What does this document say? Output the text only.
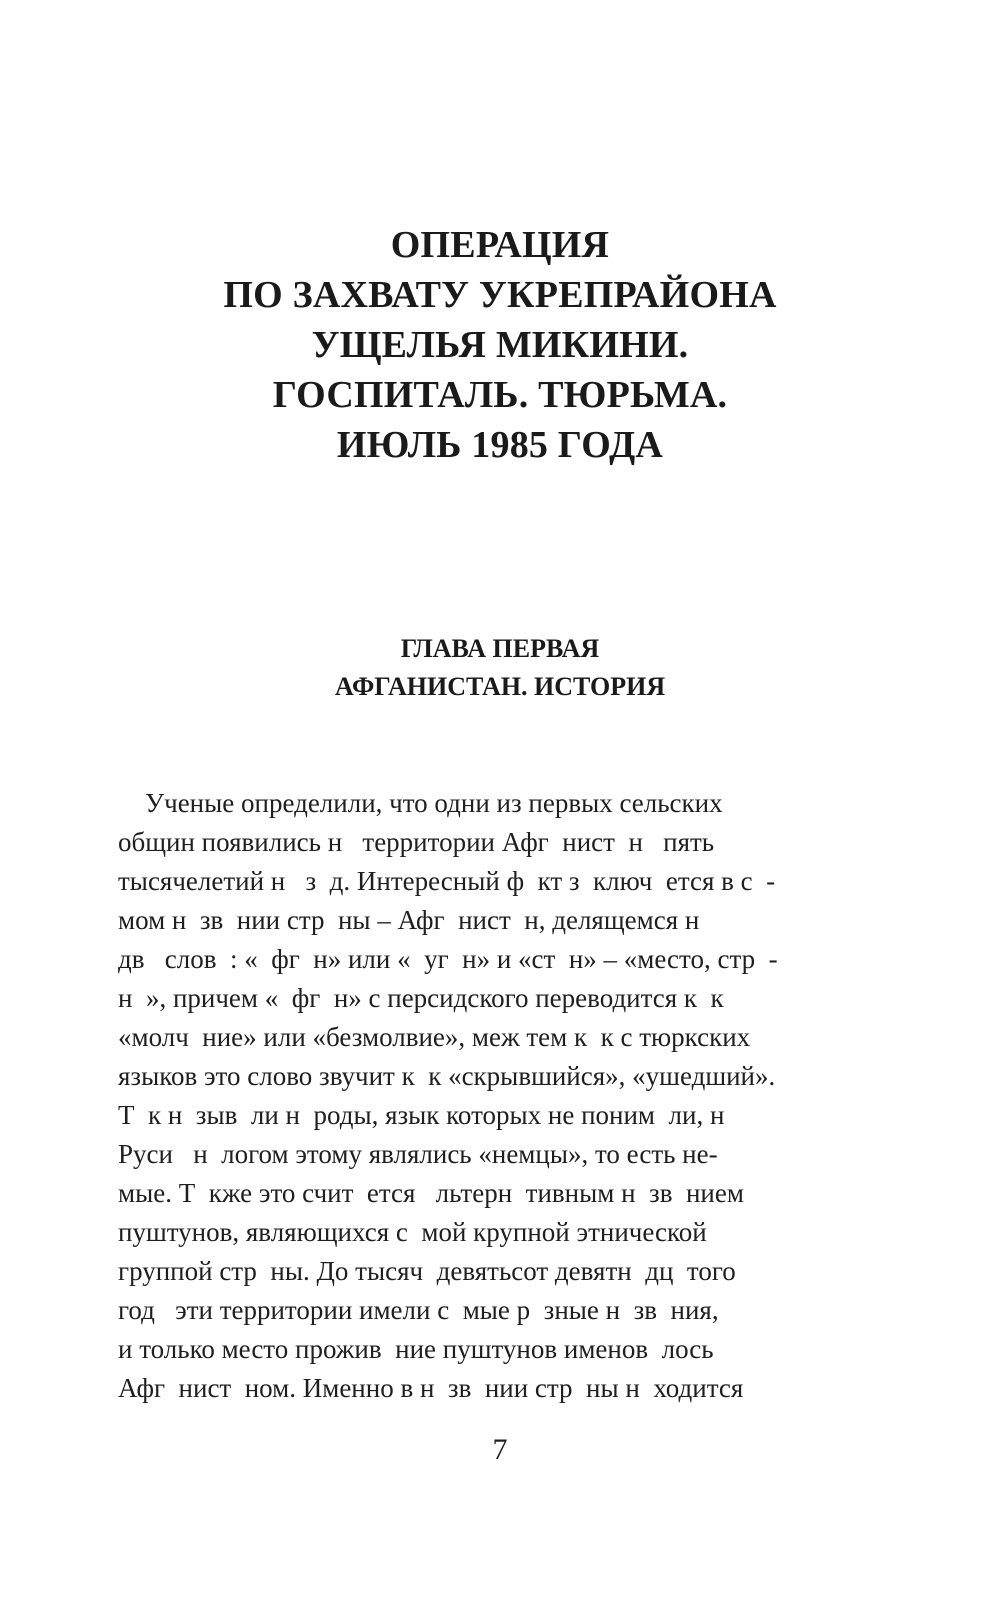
ОПЕРАЦИЯ
ПО ЗАХВАТУ УКРЕПРАЙОНА
УЩЕЛЬЯ МИКИНИ.
ГОСПИТАЛЬ. ТЮРЬМА.
ИЮЛЬ 1985 ГОДА
ГЛАВА ПЕРВАЯ
АФГАНИСТАН. ИСТОРИЯ
Ученые определили, что одни из первых сельских
общин появились н   территории Афг  нист  н   пять
тысячелетий н   з  д. Интересный ф  кт з  ключ  ется в с  -
мом н  зв  нии стр  ны – Афг  нист  н, делящемся н
дв   слов  : «  фг  н» или «  уг  н» и «ст  н» – «место, стр  -
н  », причем «  фг  н» с персидского переводится к  к
«молч  ние» или «безмолвие», меж тем к  к с тюркских
языков это слово звучит к  к «скрывшийся», «ушедший».
Т  к н  зыв  ли н  роды, язык которых не поним  ли, н
Руси   н  логом этому являлись «немцы», то есть не-
мые. Т  кже это счит  ется   льтерн  тивным н  зв  нием
пуштунов, являющихся с  мой крупной этнической
группой стр  ны. До тысяч  девятьсот девятн  дц  того
год   эти территории имели с  мые р  зные н  зв  ния,
и только место прожив  ние пуштунов именов  лось
Афг  нист  ном. Именно в н  зв  нии стр  ны н  ходится
7
